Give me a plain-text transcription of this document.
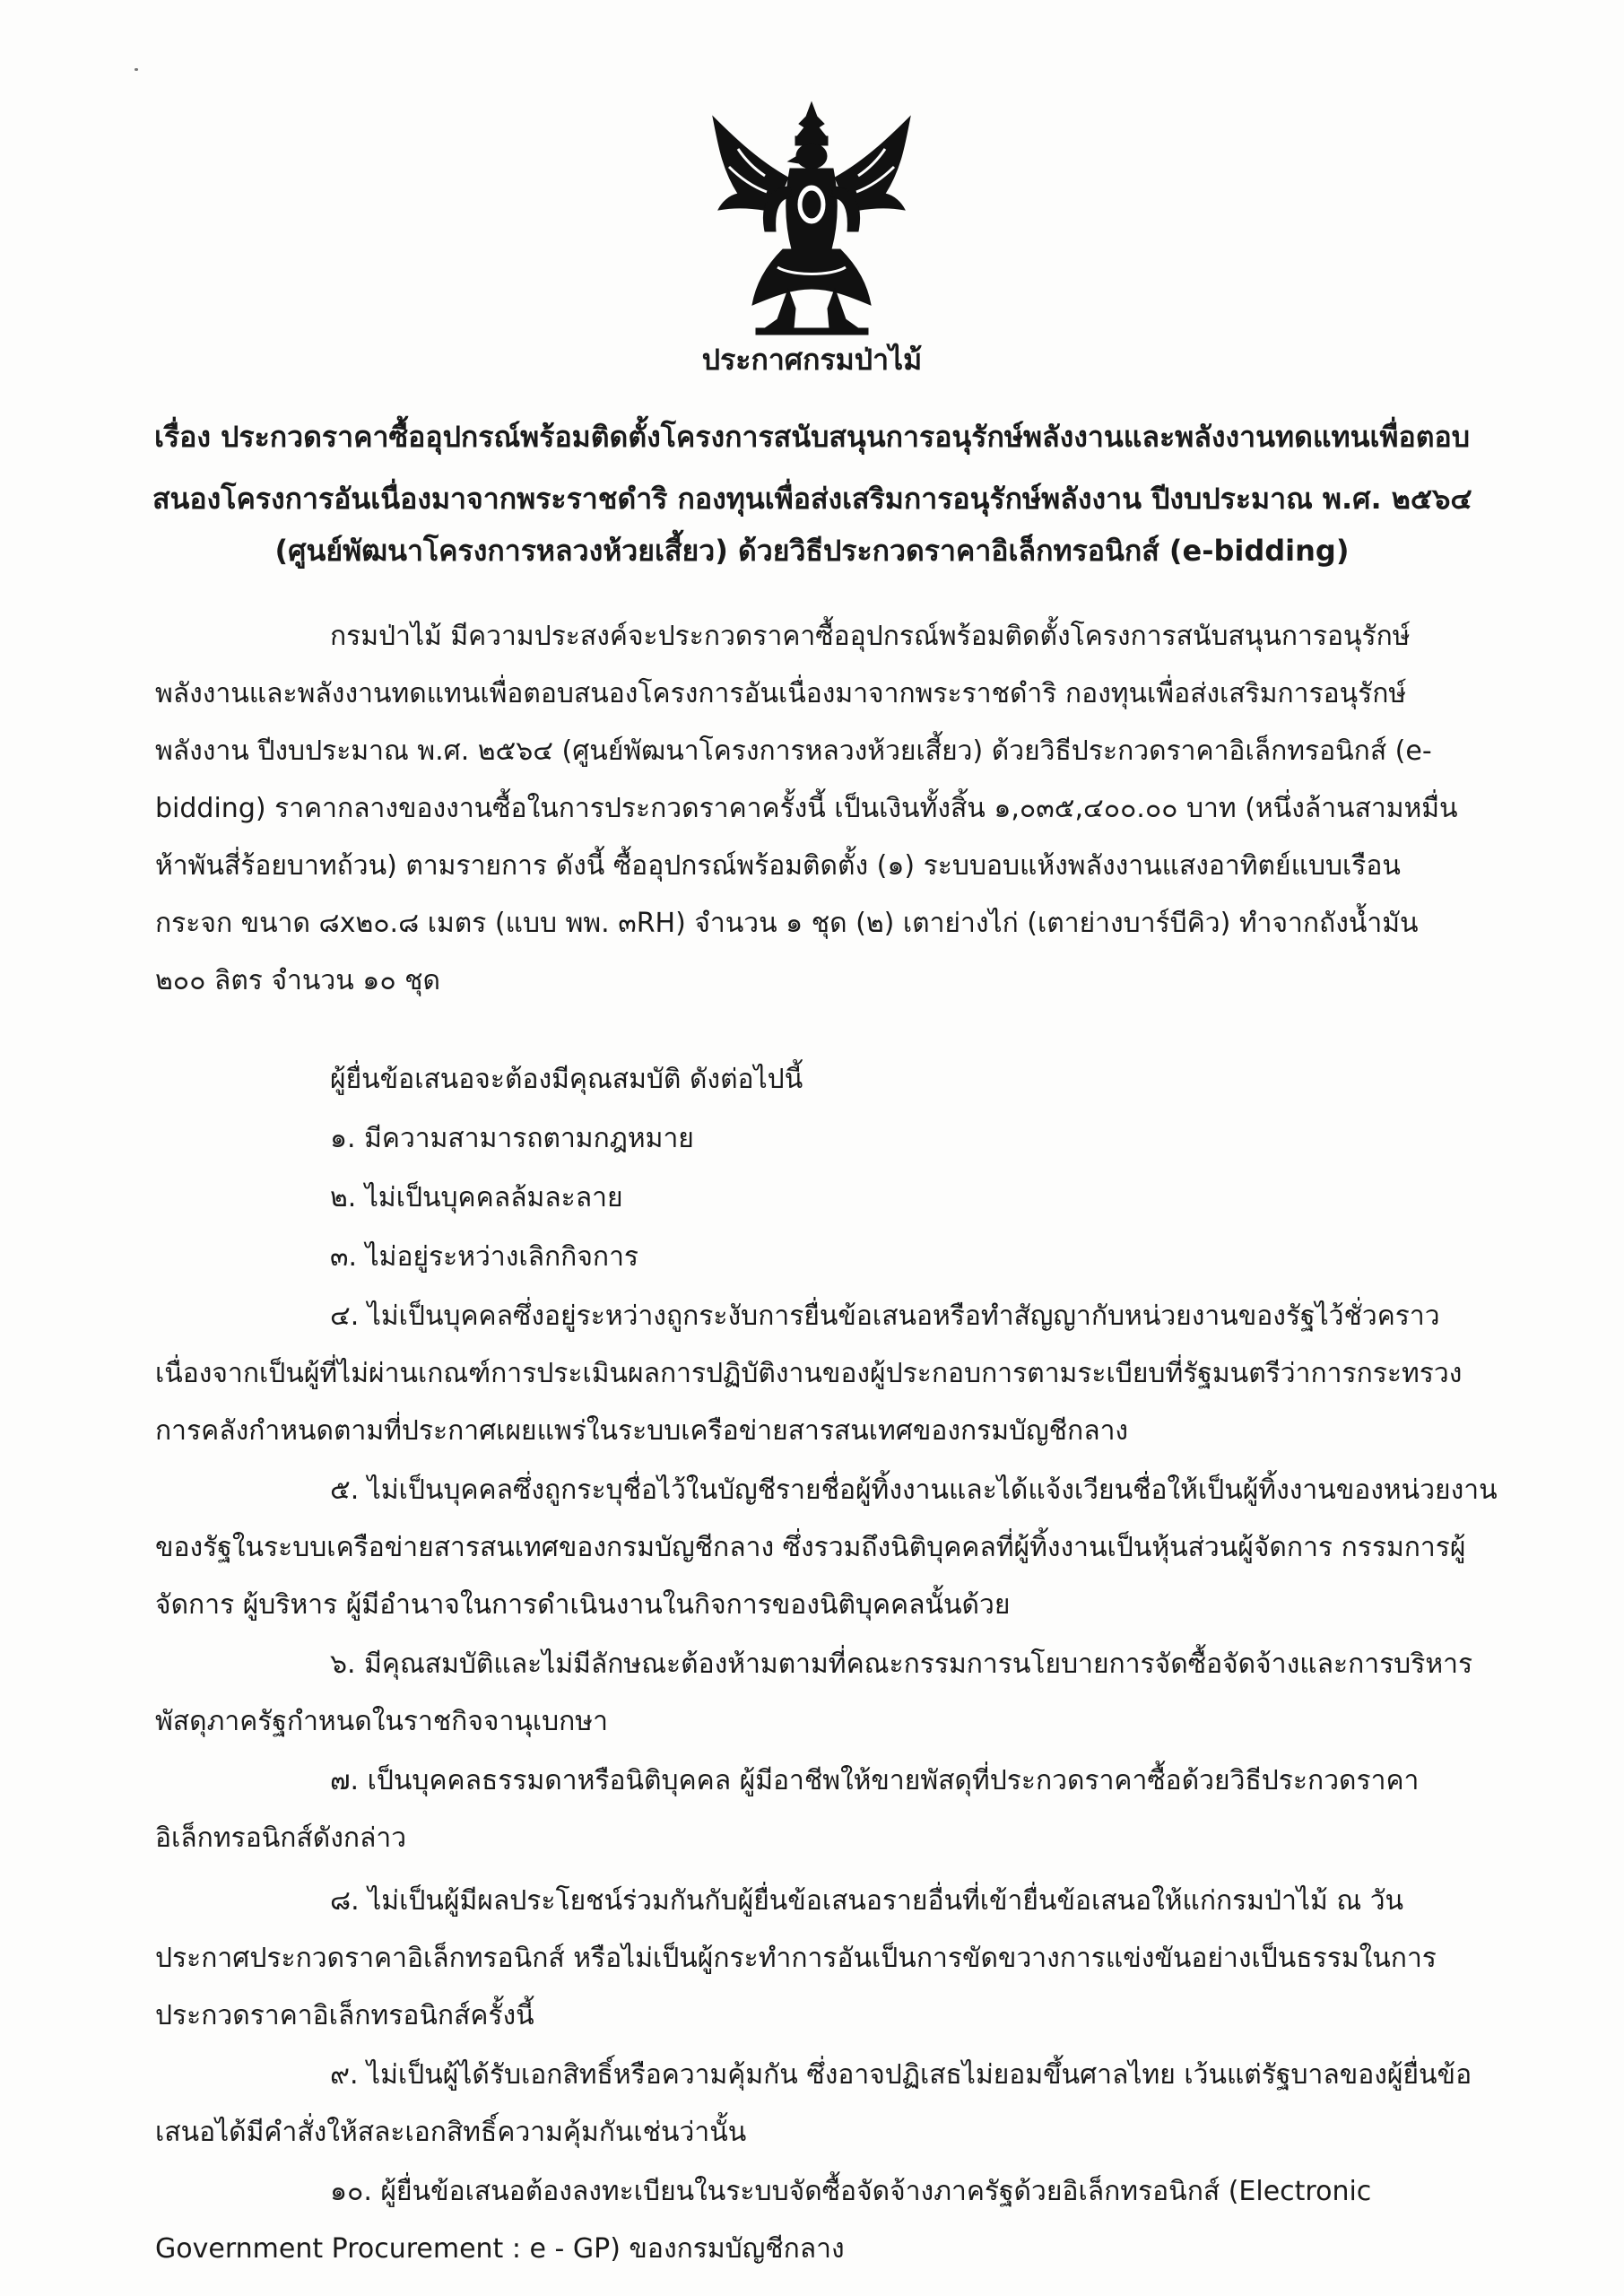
ประกาศกรมป่าไม้
เรื่อง ประกวดราคาซื้ออุปกรณ์พร้อมติดตั้งโครงการสนับสนุนการอนุรักษ์พลังงานและพลังงานทดแทนเพื่อตอบ
สนองโครงการอันเนื่องมาจากพระราชดำริ กองทุนเพื่อส่งเสริมการอนุรักษ์พลังงาน ปีงบประมาณ พ.ศ. ๒๕๖๔
(ศูนย์พัฒนาโครงการหลวงห้วยเสี้ยว) ด้วยวิธีประกวดราคาอิเล็กทรอนิกส์ (e-bidding)
กรมป่าไม้ มีความประสงค์จะประกวดราคาซื้ออุปกรณ์พร้อมติดตั้งโครงการสนับสนุนการอนุรักษ์
พลังงานและพลังงานทดแทนเพื่อตอบสนองโครงการอันเนื่องมาจากพระราชดำริ กองทุนเพื่อส่งเสริมการอนุรักษ์
พลังงาน ปีงบประมาณ พ.ศ. ๒๕๖๔ (ศูนย์พัฒนาโครงการหลวงห้วยเสี้ยว) ด้วยวิธีประกวดราคาอิเล็กทรอนิกส์ (e-
bidding) ราคากลางของงานซื้อในการประกวดราคาครั้งนี้ เป็นเงินทั้งสิ้น ๑,๐๓๕,๔๐๐.๐๐ บาท (หนึ่งล้านสามหมื่น
ห้าพันสี่ร้อยบาทถ้วน) ตามรายการ ดังนี้ ซื้ออุปกรณ์พร้อมติดตั้ง (๑) ระบบอบแห้งพลังงานแสงอาทิตย์แบบเรือน
กระจก ขนาด ๘x๒๐.๘ เมตร (แบบ พพ. ๓RH) จำนวน ๑ ชุด (๒) เตาย่างไก่ (เตาย่างบาร์บีคิว) ทำจากถังน้ำมัน
๒๐๐ ลิตร จำนวน ๑๐ ชุด
ผู้ยื่นข้อเสนอจะต้องมีคุณสมบัติ ดังต่อไปนี้
๑. มีความสามารถตามกฎหมาย
๒. ไม่เป็นบุคคลล้มละลาย
๓. ไม่อยู่ระหว่างเลิกกิจการ
๔. ไม่เป็นบุคคลซึ่งอยู่ระหว่างถูกระงับการยื่นข้อเสนอหรือทำสัญญากับหน่วยงานของรัฐไว้ชั่วคราว
เนื่องจากเป็นผู้ที่ไม่ผ่านเกณฑ์การประเมินผลการปฏิบัติงานของผู้ประกอบการตามระเบียบที่รัฐมนตรีว่าการกระทรวง
การคลังกำหนดตามที่ประกาศเผยแพร่ในระบบเครือข่ายสารสนเทศของกรมบัญชีกลาง
๕. ไม่เป็นบุคคลซึ่งถูกระบุชื่อไว้ในบัญชีรายชื่อผู้ทิ้งงานและได้แจ้งเวียนชื่อให้เป็นผู้ทิ้งงานของหน่วยงาน
ของรัฐในระบบเครือข่ายสารสนเทศของกรมบัญชีกลาง ซึ่งรวมถึงนิติบุคคลที่ผู้ทิ้งงานเป็นหุ้นส่วนผู้จัดการ กรรมการผู้
จัดการ ผู้บริหาร ผู้มีอำนาจในการดำเนินงานในกิจการของนิติบุคคลนั้นด้วย
๖. มีคุณสมบัติและไม่มีลักษณะต้องห้ามตามที่คณะกรรมการนโยบายการจัดซื้อจัดจ้างและการบริหาร
พัสดุภาครัฐกำหนดในราชกิจจานุเบกษา
๗. เป็นบุคคลธรรมดาหรือนิติบุคคล ผู้มีอาชีพให้ขายพัสดุที่ประกวดราคาซื้อด้วยวิธีประกวดราคา
อิเล็กทรอนิกส์ดังกล่าว
๘. ไม่เป็นผู้มีผลประโยชน์ร่วมกันกับผู้ยื่นข้อเสนอรายอื่นที่เข้ายื่นข้อเสนอให้แก่กรมป่าไม้ ณ วัน
ประกาศประกวดราคาอิเล็กทรอนิกส์ หรือไม่เป็นผู้กระทำการอันเป็นการขัดขวางการแข่งขันอย่างเป็นธรรมในการ
ประกวดราคาอิเล็กทรอนิกส์ครั้งนี้
๙. ไม่เป็นผู้ได้รับเอกสิทธิ์หรือความคุ้มกัน ซึ่งอาจปฏิเสธไม่ยอมขึ้นศาลไทย เว้นแต่รัฐบาลของผู้ยื่นข้อ
เสนอได้มีคำสั่งให้สละเอกสิทธิ์ความคุ้มกันเช่นว่านั้น
๑๐. ผู้ยื่นข้อเสนอต้องลงทะเบียนในระบบจัดซื้อจัดจ้างภาครัฐด้วยอิเล็กทรอนิกส์ (Electronic
Government Procurement : e - GP) ของกรมบัญชีกลาง
